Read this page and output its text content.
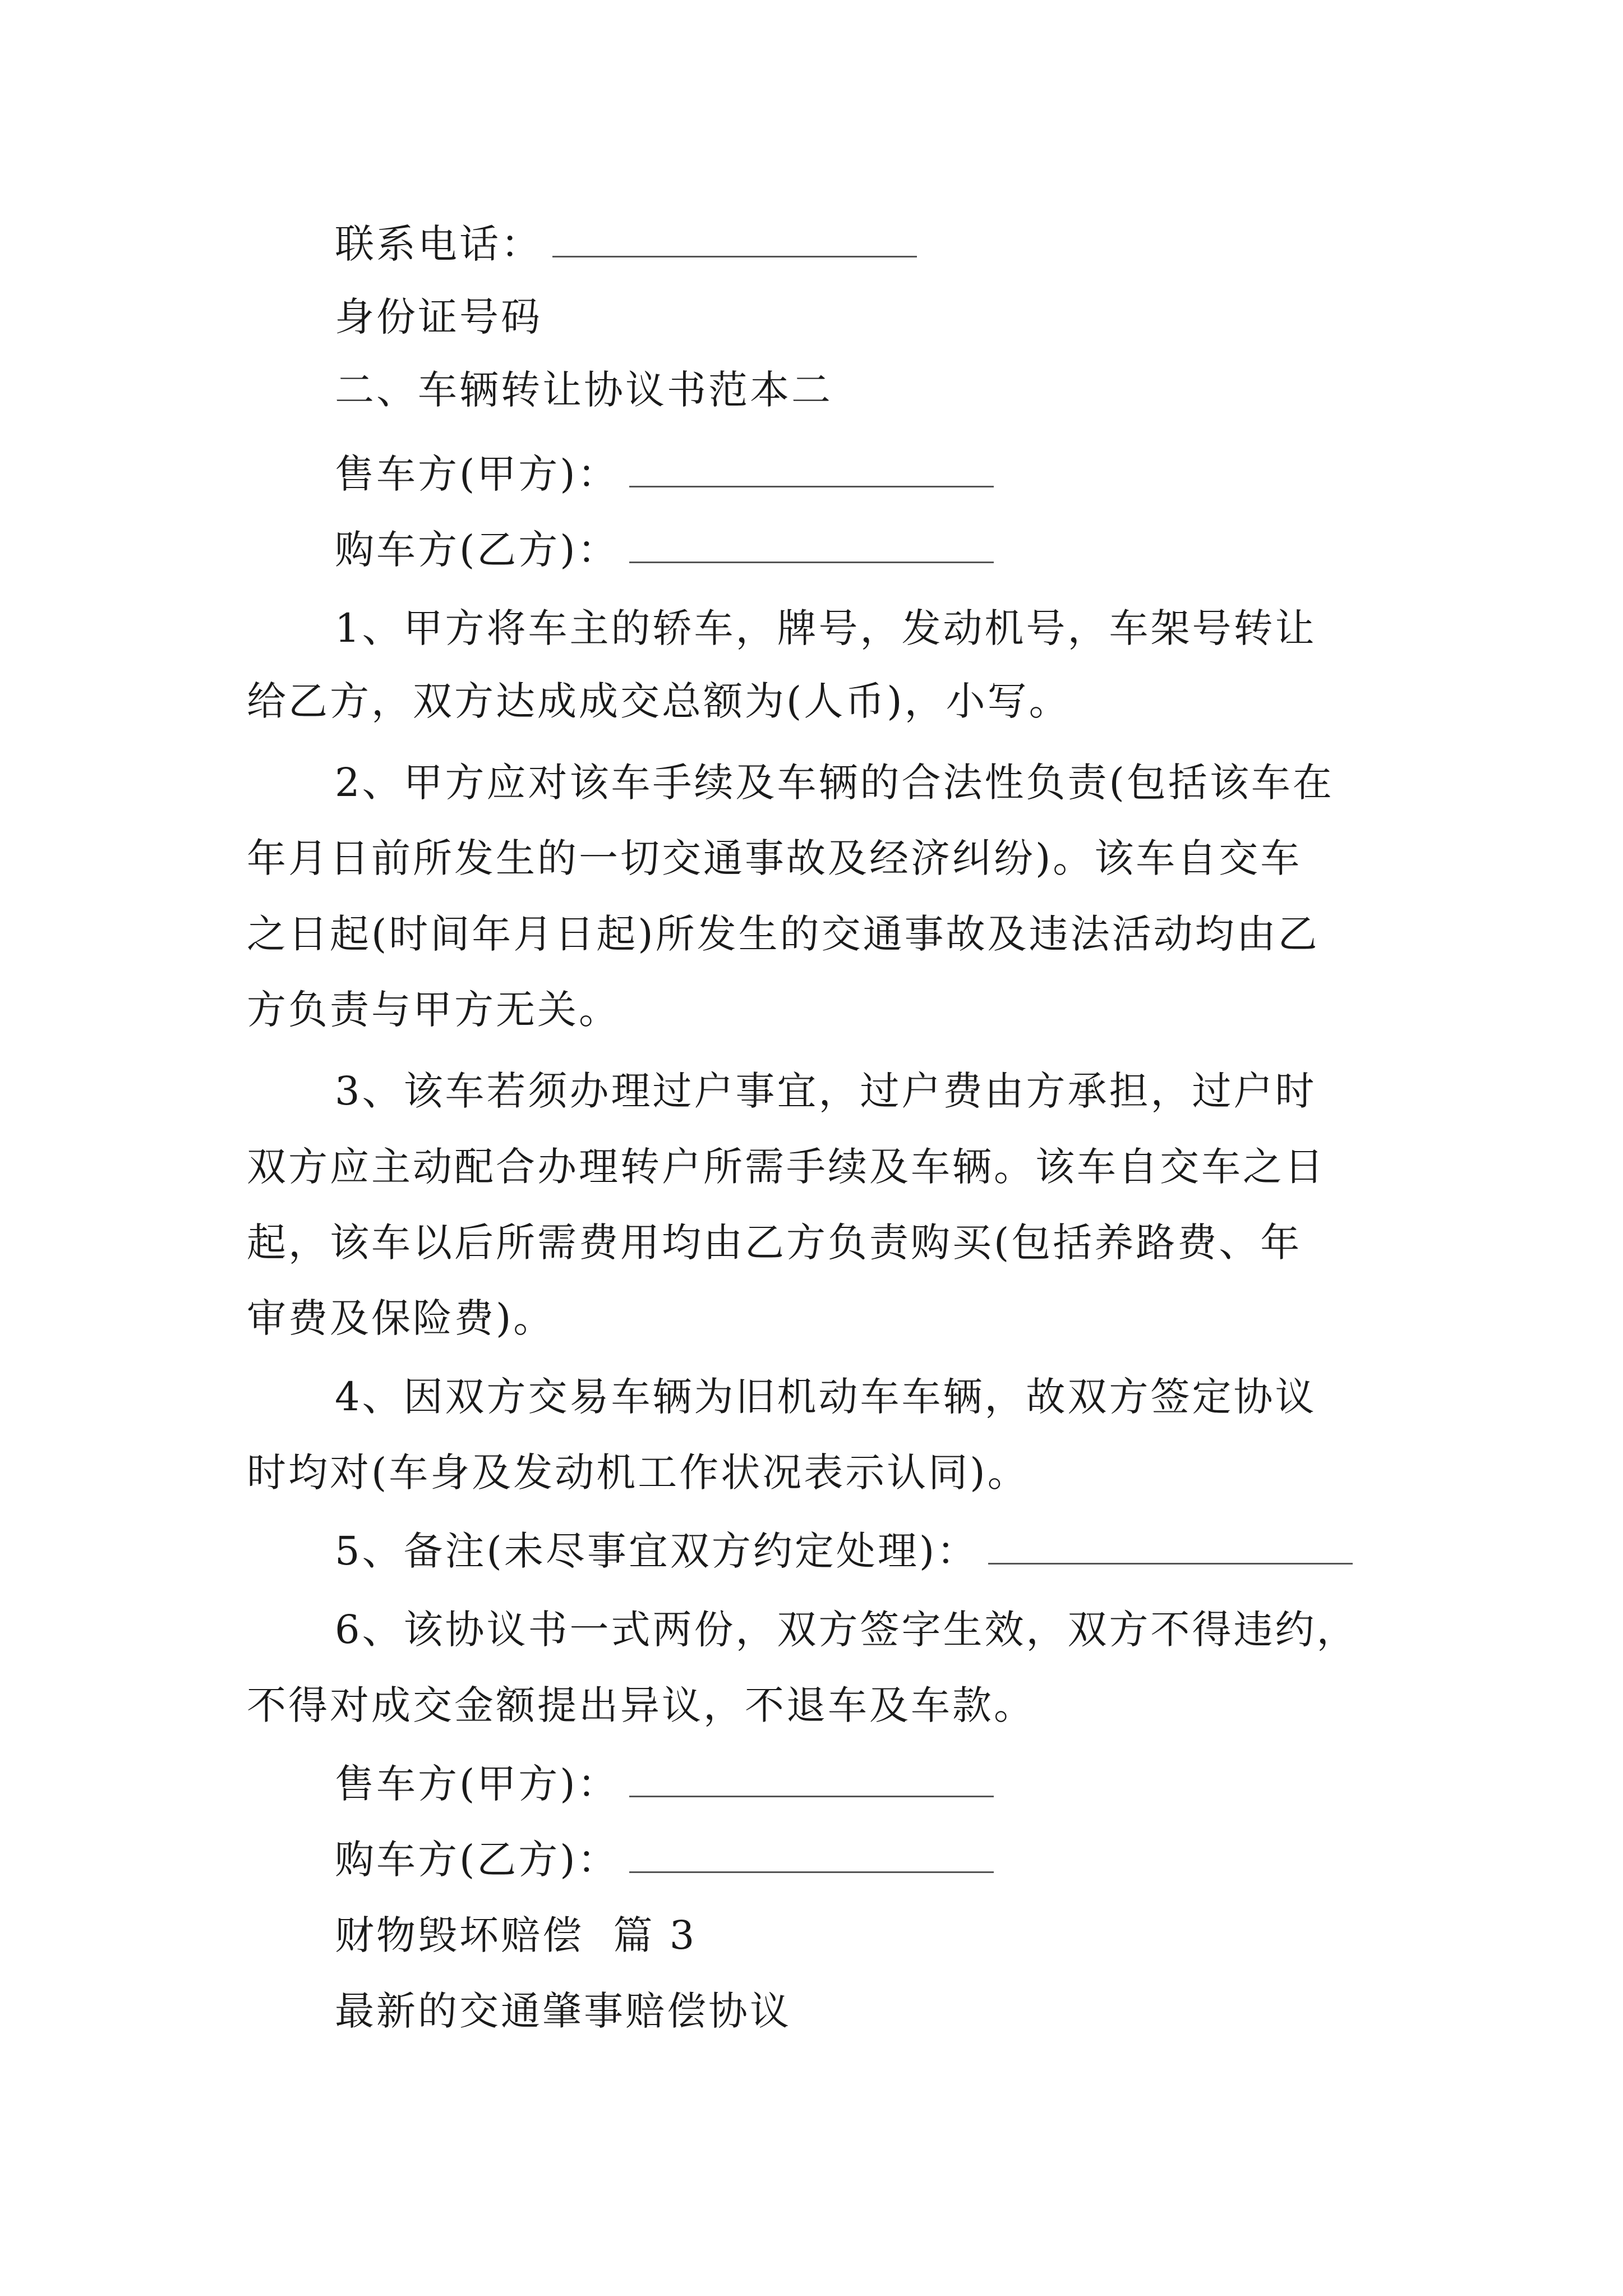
联系电话：
身份证号码
二、车辆转让协议书范本二
售车方(甲方)：
购车方(乙方)：
1、甲方将车主的轿车，牌号，发动机号，车架号转让
给乙方，双方达成成交总额为(人币)，小写。
2、甲方应对该车手续及车辆的合法性负责(包括该车在
年月日前所发生的一切交通事故及经济纠纷)。该车自交车
之日起(时间年月日起)所发生的交通事故及违法活动均由乙
方负责与甲方无关。
3、该车若须办理过户事宜，过户费由方承担，过户时
双方应主动配合办理转户所需手续及车辆。该车自交车之日
起，该车以后所需费用均由乙方负责购买(包括养路费、年
审费及保险费)。
4、因双方交易车辆为旧机动车车辆，故双方签定协议
时均对(车身及发动机工作状况表示认同)。
5、备注(未尽事宜双方约定处理)：
6、该协议书一式两份，双方签字生效，双方不得违约，
不得对成交金额提出异议，不退车及车款。
售车方(甲方)：
购车方(乙方)：
财物毁坏赔偿  篇 3
最新的交通肇事赔偿协议
